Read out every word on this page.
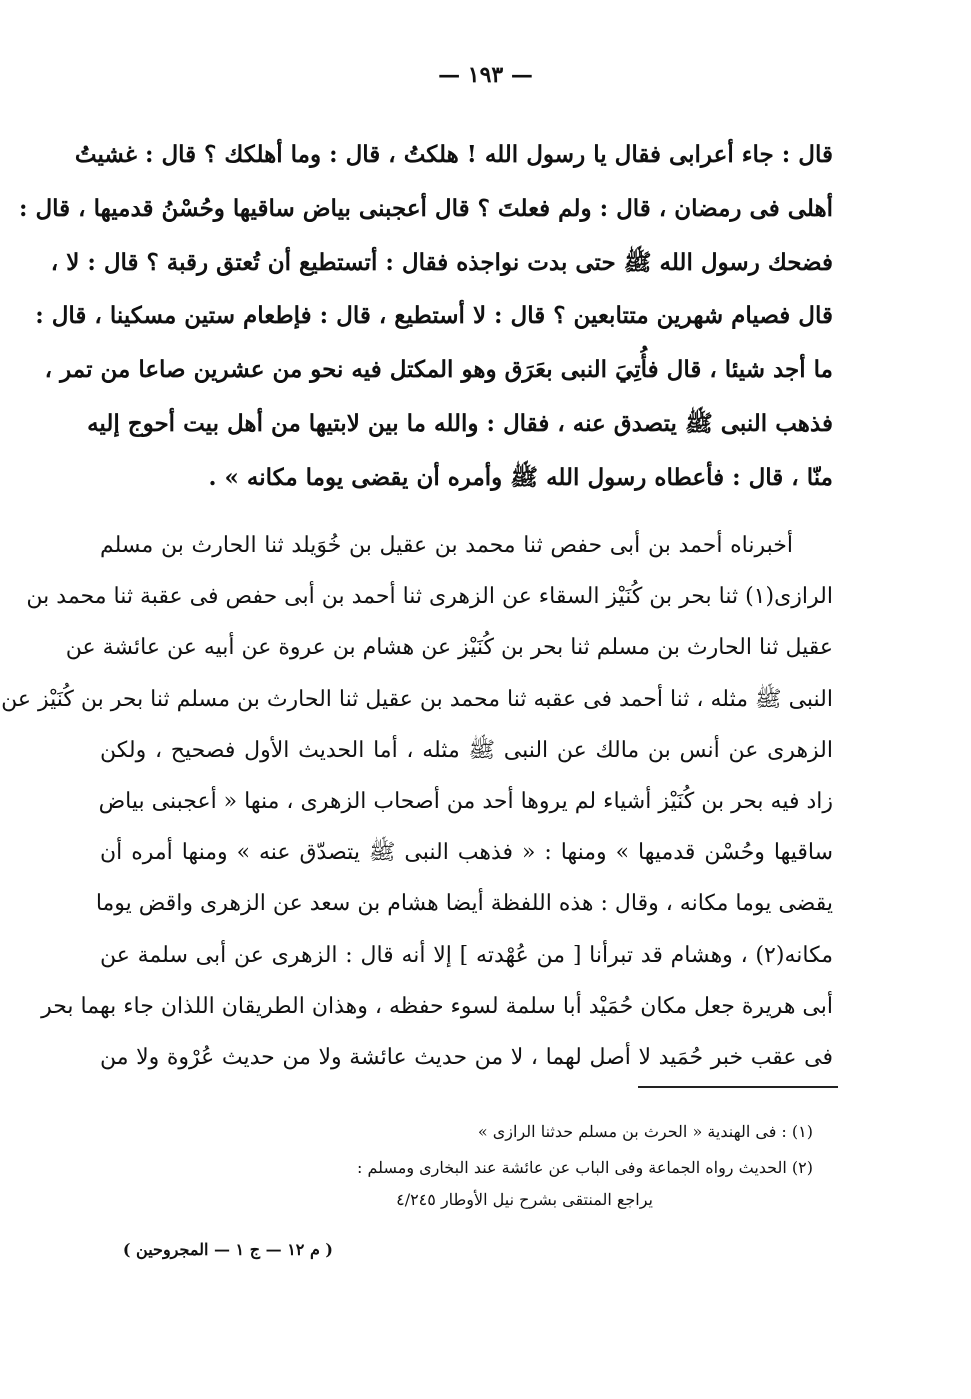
— ١٩٣ —
قال : جاء أعرابى فقال يا رسول الله ! هلكتُ ، قال : وما أهلكك ؟ قال : غشيتُ
أهلى فى رمضان ، قال : ولم فعلتَ ؟ قال أعجبنى بياض ساقيها وحُسْنُ قدميها ، قال :
فضحك رسول الله ﷺ حتى بدت نواجذه فقال : أتستطيع أن تُعتق رقبة ؟ قال : لا ،
قال فصيام شهرين متتابعين ؟ قال : لا أستطيع ، قال : فإطعام ستين مسكينا ، قال :
ما أجد شيئا ، قال فأُتِيَ النبى بعَرَق وهو المكتل فيه نحو من عشرين صاعا من تمر ،
فذهب النبى ﷺ يتصدق عنه ، فقال : والله ما بين لابتيها من أهل بيت أحوج إليه
منّا ، قال : فأعطاه رسول الله ﷺ وأمره أن يقضى يوما مكانه » .
أخبرناه أحمد بن أبى حفص ثنا محمد بن عقيل بن خُوَيلد ثنا الحارث بن مسلم
الرازى(١) ثنا بحر بن كُنَيْز السقاء عن الزهرى ثنا أحمد بن أبى حفص فى عقبة ثنا محمد بن
عقيل ثنا الحارث بن مسلم ثنا بحر بن كُنَيْز عن هشام بن عروة عن أبيه عن عائشة عن
النبى ﷺ مثله ، ثنا أحمد فى عقبه ثنا محمد بن عقيل ثنا الحارث بن مسلم ثنا بحر بن كُنَيْز عن
الزهرى عن أنس بن مالك عن النبى ﷺ مثله ، أما الحديث الأول فصحيح ، ولكن
زاد فيه بحر بن كُنَيْز أشياء لم يروها أحد من أصحاب الزهرى ، منها « أعجبنى بياض
ساقيها وحُسْن قدميها » ومنها : « فذهب النبى ﷺ يتصدّق عنه » ومنها أمره أن
يقضى يوما مكانه ، وقال : هذه اللفظة أيضا هشام بن سعد عن الزهرى واقض يوما
مكانه(٢) ، وهشام قد تبرأنا [ من عُهْدته ] إلا أنه قال : الزهرى عن أبى سلمة عن
أبى هريرة جعل مكان حُمَيْد أبا سلمة لسوء حفظه ، وهذان الطريقان اللذان جاء بهما بحر
فى عقب خبر حُمَيد لا أصل لهما ، لا من حديث عائشة ولا من حديث عُرْوة ولا من
(١) : فى الهندية « الحرث بن مسلم حدثنا الرازى »
(٢) الحديث رواه الجماعة وفى الباب عن عائشة عند البخارى ومسلم :
يراجع المنتقى بشرح نيل الأوطار ٤/٢٤٥
( م ١٢ — ج ١ — المجروحين )
